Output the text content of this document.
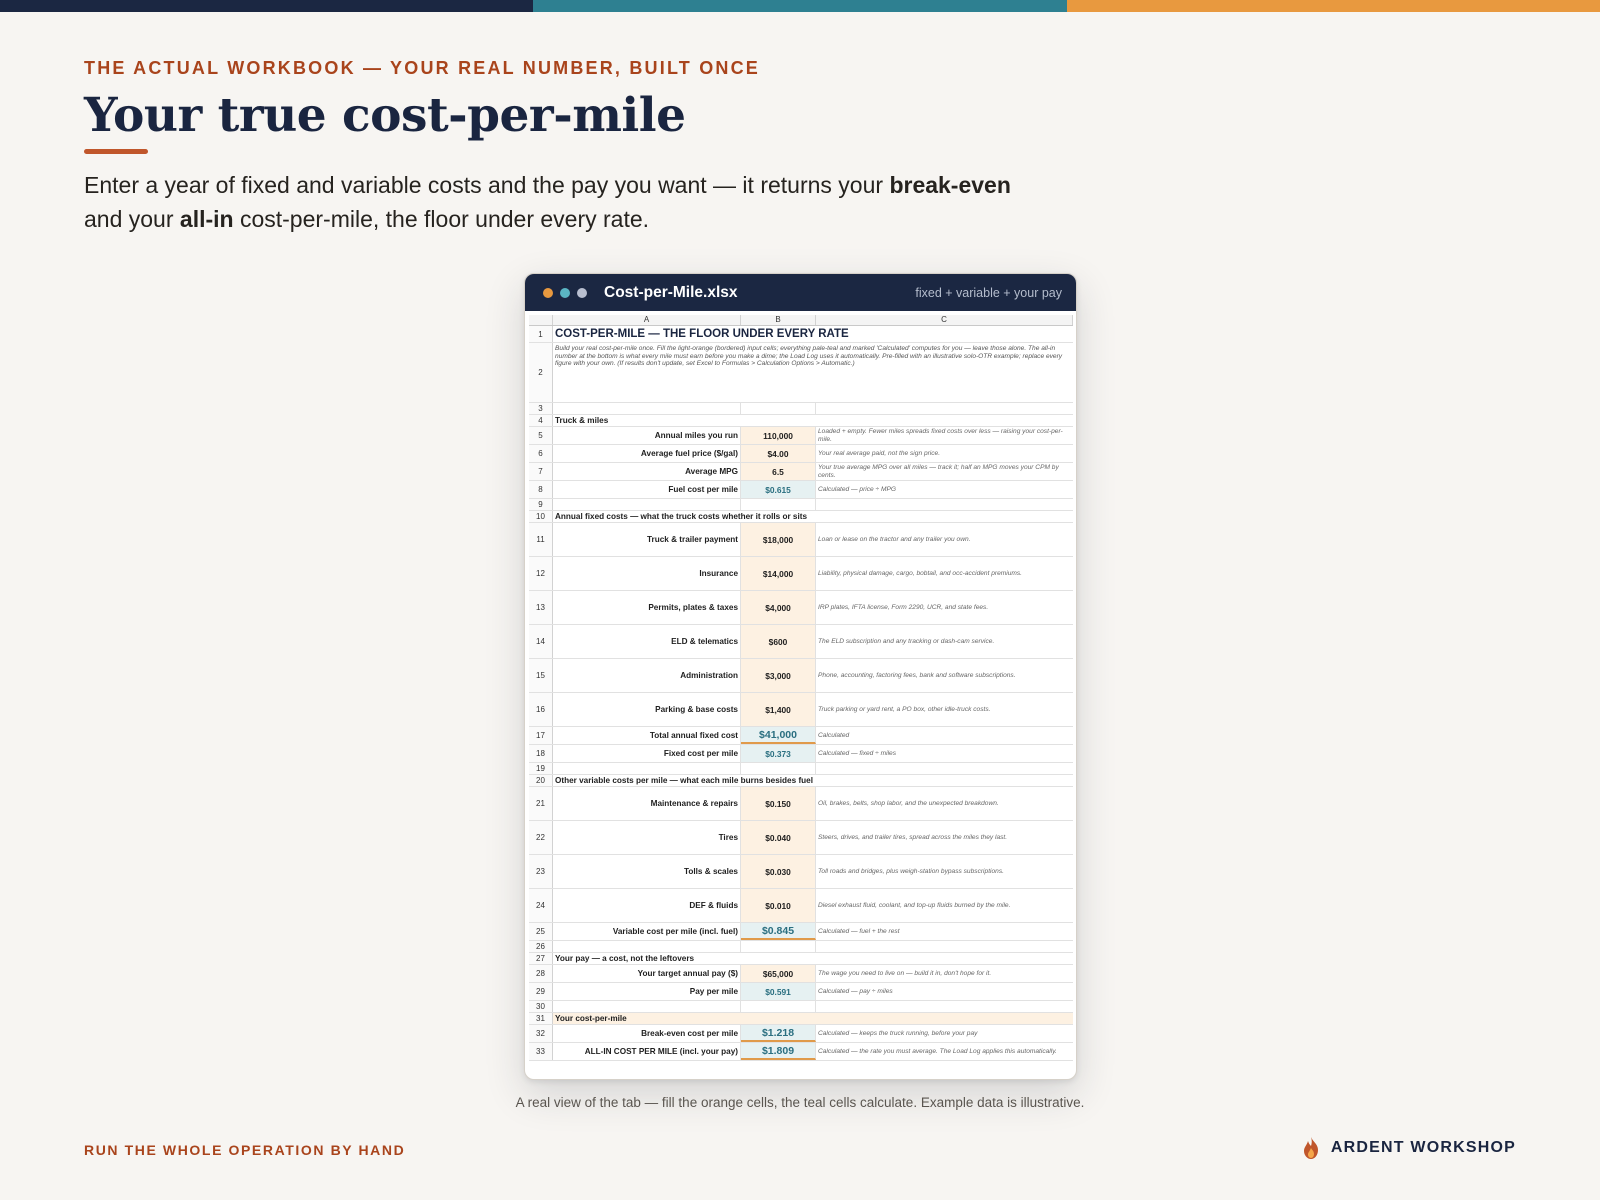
THE ACTUAL WORKBOOK — YOUR REAL NUMBER, BUILT ONCE
Your true cost-per-mile

Enter a year of fixed and variable costs and the pay you want — it returns your break-even and your all-in cost-per-mile, the floor under every rate.

Cost-per-Mile.xlsx	fixed + variable + your pay
A	B	C
1	COST-PER-MILE — THE FLOOR UNDER EVERY RATE
2
Build your real cost-per-mile once. Fill the light-orange (bordered) input cells; everything pale-teal and marked 'Calculated' computes for you — leave those alone. The all-in number at the bottom is what every mile must earn before you make a dime; the Load Log uses it automatically. Pre-filled with an illustrative solo-OTR example; replace every figure with your own. (If results don't update, set Excel to Formulas > Calculation Options > Automatic.)
3
4	Truck & miles
5	Annual miles you run	110,000	Loaded + empty. Fewer miles spreads fixed costs over less — raising your cost-per-mile.
6	Average fuel price ($/gal)	$4.00	Your real average paid, not the sign price.
7	Average MPG	6.5	Your true average MPG over all miles — track it; half an MPG moves your CPM by cents.
8	Fuel cost per mile	$0.615	Calculated — price ÷ MPG
9
10	Annual fixed costs — what the truck costs whether it rolls or sits
11	Truck & trailer payment	$18,000	Loan or lease on the tractor and any trailer you own.
12	Insurance	$14,000	Liability, physical damage, cargo, bobtail, and occ-accident premiums.
13	Permits, plates & taxes	$4,000	IRP plates, IFTA license, Form 2290, UCR, and state fees.
14	ELD & telematics	$600	The ELD subscription and any tracking or dash-cam service.
15	Administration	$3,000	Phone, accounting, factoring fees, bank and software subscriptions.
16	Parking & base costs	$1,400	Truck parking or yard rent, a PO box, other idle-truck costs.
17	Total annual fixed cost	$41,000	Calculated
18	Fixed cost per mile	$0.373	Calculated — fixed ÷ miles
19
20	Other variable costs per mile — what each mile burns besides fuel
21	Maintenance & repairs	$0.150	Oil, brakes, belts, shop labor, and the unexpected breakdown.
22	Tires	$0.040	Steers, drives, and trailer tires, spread across the miles they last.
23	Tolls & scales	$0.030	Toll roads and bridges, plus weigh-station bypass subscriptions.
24	DEF & fluids	$0.010	Diesel exhaust fluid, coolant, and top-up fluids burned by the mile.
25	Variable cost per mile (incl. fuel)	$0.845	Calculated — fuel + the rest
26
27	Your pay — a cost, not the leftovers
28	Your target annual pay ($)	$65,000	The wage you need to live on — build it in, don't hope for it.
29	Pay per mile	$0.591	Calculated — pay ÷ miles
30
31	Your cost-per-mile
32	Break-even cost per mile	$1.218	Calculated — keeps the truck running, before your pay
33	ALL-IN COST PER MILE (incl. your pay)	$1.809	Calculated — the rate you must average. The Load Log applies this automatically.
A real view of the tab — fill the orange cells, the teal cells calculate. Example data is illustrative.
RUN THE WHOLE OPERATION BY HAND	ARDENT WORKSHOP
